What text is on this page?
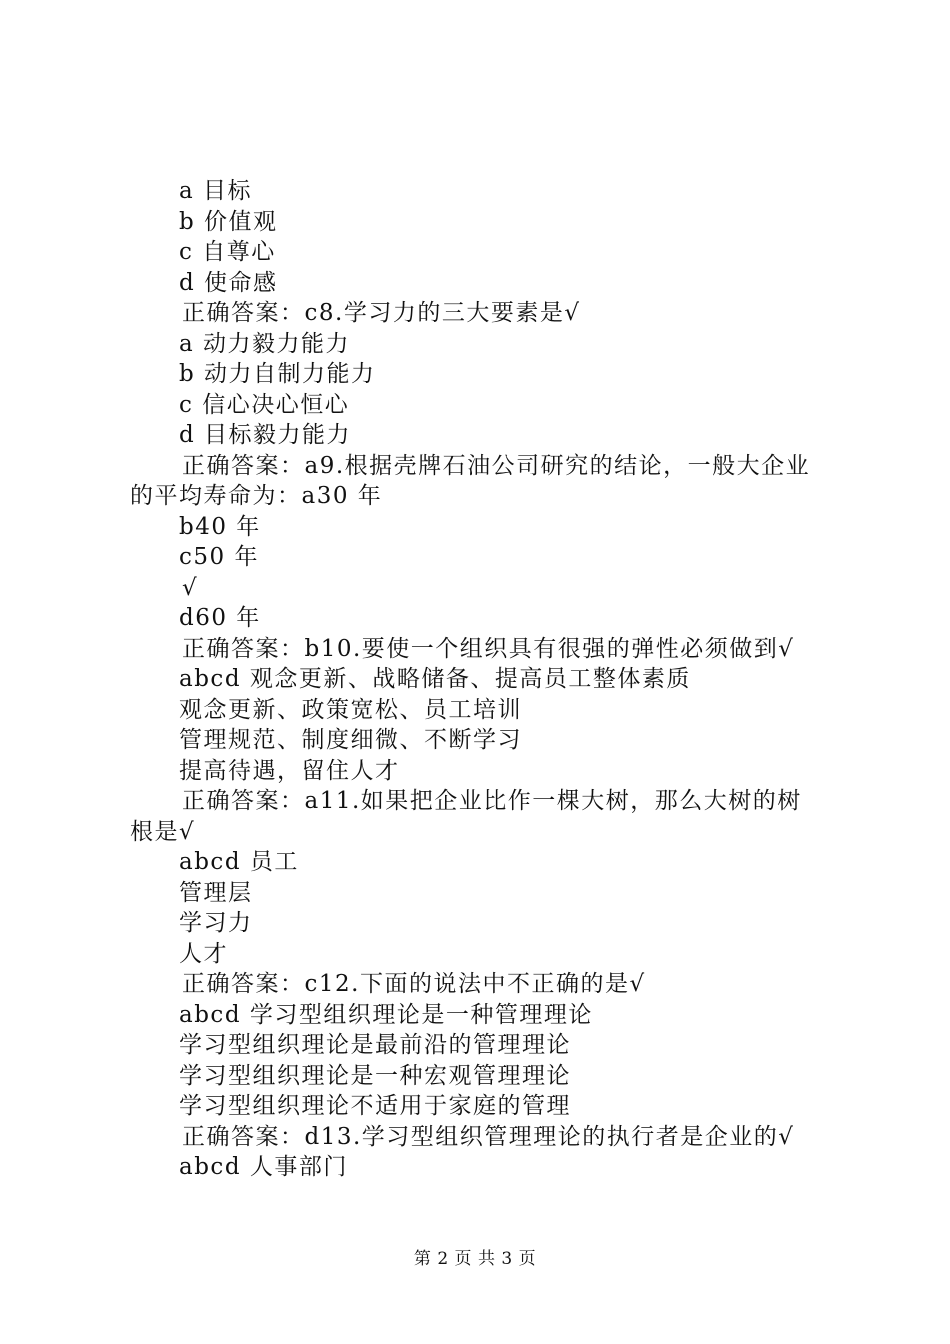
a 目标
b 价值观
c 自尊心
d 使命感
正确答案：c8.学习力的三大要素是√
a 动力毅力能力
b 动力自制力能力
c 信心决心恒心
d 目标毅力能力
正确答案：a9.根据壳牌石油公司研究的结论，一般大企业
的平均寿命为：a30 年
b40 年
c50 年
√
d60 年
正确答案：b10.要使一个组织具有很强的弹性必须做到√
abcd 观念更新、战略储备、提高员工整体素质
观念更新、政策宽松、员工培训
管理规范、制度细微、不断学习
提高待遇，留住人才
正确答案：a11.如果把企业比作一棵大树，那么大树的树
根是√
abcd 员工
管理层
学习力
人才
正确答案：c12.下面的说法中不正确的是√
abcd 学习型组织理论是一种管理理论
学习型组织理论是最前沿的管理理论
学习型组织理论是一种宏观管理理论
学习型组织理论不适用于家庭的管理
正确答案：d13.学习型组织管理理论的执行者是企业的√
abcd 人事部门
第 2 页 共 3 页
